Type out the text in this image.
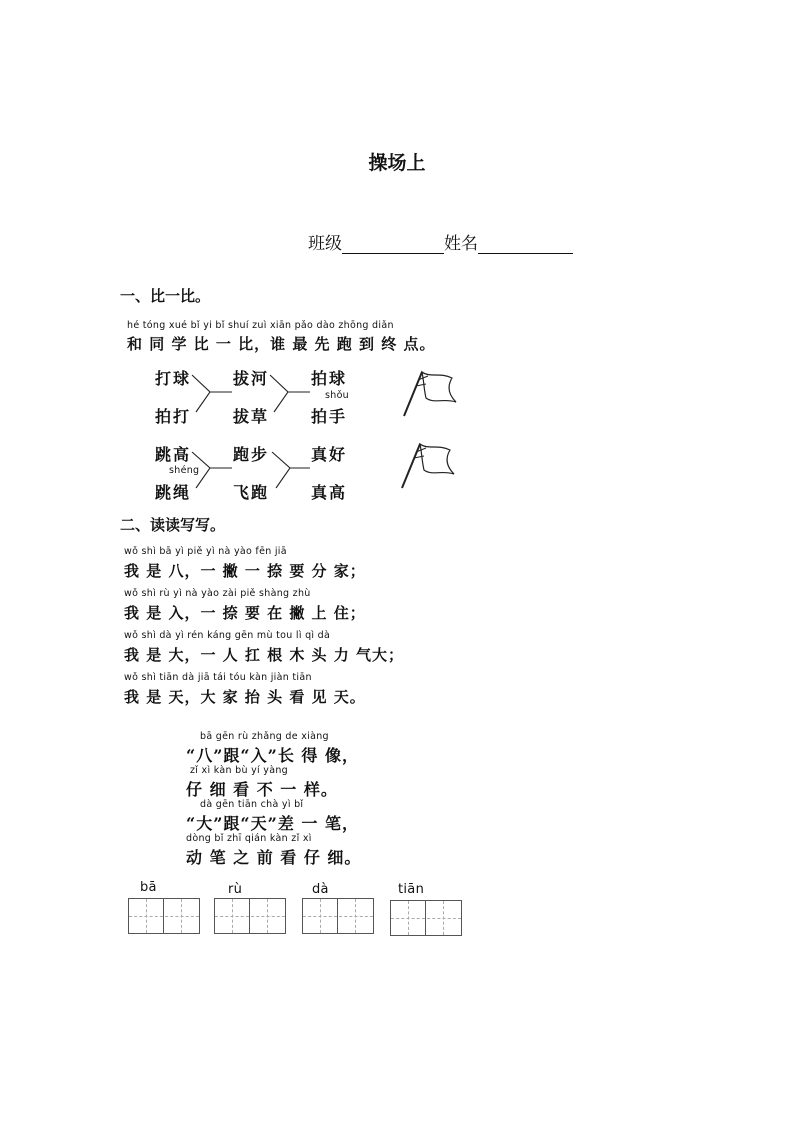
操场上
班级	姓名
一、比一比。
hé tóng xué bǐ yi bǐ shuí zuì xiān pǎo dào zhōng diǎn
和 同 学 比 一 比，谁 最 先 跑 到 终 点。
打球
拍打
拔河
拔草
拍球
shǒu
拍手
跳高
shéng
跳绳
跑步
飞跑
真好
真高
二、读读写写。
wǒ shì bā yì piě yì nà yào fēn jiā
我 是 八，一 撇 一 捺 要 分 家；
wǒ shì rù yì nà yào zài piě shàng zhù
我 是 入，一 捺 要 在 撇 上 住；
wǒ shì dà yì rén káng gēn mù tou lì qì dà
我 是 大，一 人 扛 根 木 头 力 气大；
wǒ shì tiān dà jiā tái tóu kàn jiàn tiān
我 是 天，大 家 抬 头 看 见 天。
bā gēn rù zhǎng de xiàng
“八”跟“入”长 得 像，
zǐ xì kàn bù yí yàng
仔 细 看 不 一 样。
dà gēn tiān chà yì bǐ
“大”跟“天”差 一 笔，
dòng bǐ zhī qián kàn zǐ xì
动 笔 之 前 看 仔 细。
bā	rù	dà	tiān
